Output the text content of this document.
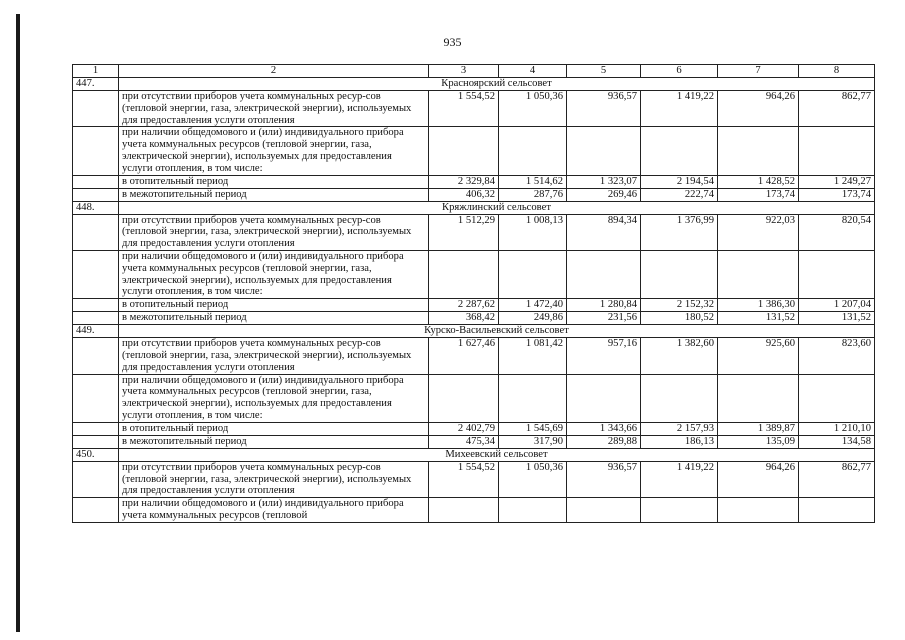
935
1	2	3	4	5	6	7	8
447.	Красноярский сельсовет						
	при отсутствии приборов учета коммунальных ресур-сов (тепловой энергии, газа, электрической энергии), используемых для предоставления услуги отопления	1 554,52	1 050,36	936,57	1 419,22	964,26	862,77
	при наличии общедомового и (или) индивидуального прибора учета коммунальных ресурсов (тепловой энергии, газа, электрической энергии), используемых для предоставления услуги отопления, в том числе:						
	в отопительный период	2 329,84	1 514,62	1 323,07	2 194,54	1 428,52	1 249,27
	в межотопительный период	406,32	287,76	269,46	222,74	173,74	173,74
448.	Кряжлинский сельсовет						
	при отсутствии приборов учета коммунальных ресур-сов (тепловой энергии, газа, электрической энергии), используемых для предоставления услуги отопления	1 512,29	1 008,13	894,34	1 376,99	922,03	820,54
	при наличии общедомового и (или) индивидуального прибора учета коммунальных ресурсов (тепловой энергии, газа, электрической энергии), используемых для предоставления услуги отопления, в том числе:						
	в отопительный период	2 287,62	1 472,40	1 280,84	2 152,32	1 386,30	1 207,04
	в межотопительный период	368,42	249,86	231,56	180,52	131,52	131,52
449.	Курско-Васильевский сельсовет						
	при отсутствии приборов учета коммунальных ресур-сов (тепловой энергии, газа, электрической энергии), используемых для предоставления услуги отопления	1 627,46	1 081,42	957,16	1 382,60	925,60	823,60
	при наличии общедомового и (или) индивидуального прибора учета коммунальных ресурсов (тепловой энергии, газа, электрической энергии), используемых для предоставления услуги отопления, в том числе:						
	в отопительный период	2 402,79	1 545,69	1 343,66	2 157,93	1 389,87	1 210,10
	в межотопительный период	475,34	317,90	289,88	186,13	135,09	134,58
450.	Михеевский сельсовет						
	при отсутствии приборов учета коммунальных ресур-сов (тепловой энергии, газа, электрической энергии), используемых для предоставления услуги отопления	1 554,52	1 050,36	936,57	1 419,22	964,26	862,77
	при наличии общедомового и (или) индивидуального прибора учета коммунальных ресурсов (тепловой						
